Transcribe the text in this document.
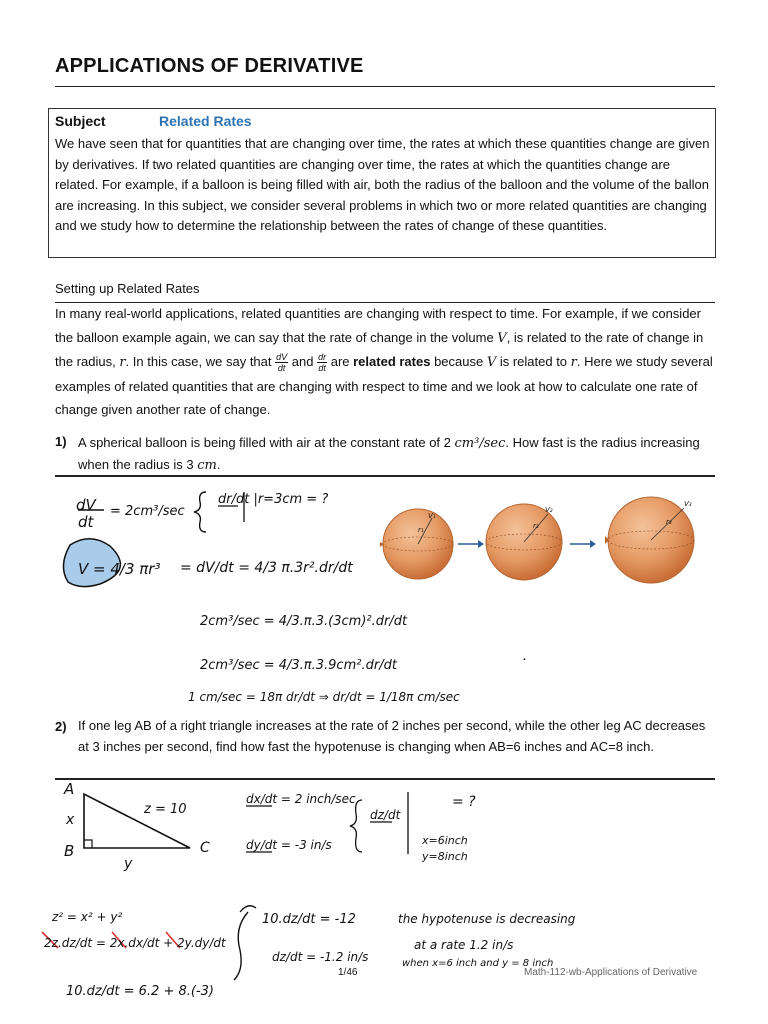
APPLICATIONS OF DERIVATIVE
Subject	Related Rates
We have seen that for quantities that are changing over time, the rates at which these quantities change are given by derivatives. If two related quantities are changing over time, the rates at which the quantities change are related. For example, if a balloon is being filled with air, both the radius of the balloon and the volume of the ballon are increasing. In this subject, we consider several problems in which two or more related quantities are changing and we study how to determine the relationship between the rates of change of these quantities.
Setting up Related Rates
In many real-world applications, related quantities are changing with respect to time. For example, if we consider the balloon example again, we can say that the rate of change in the volume V, is related to the rate of change in the radius, r. In this case, we say that $\frac{dV}{dt}$ and $\frac{dr}{dt}$ are related rates because V is related to r. Here we study several examples of related quantities that are changing with respect to time and we look at how to calculate one rate of change given another rate of change.
1) A spherical balloon is being filled with air at the constant rate of 2 cm³/sec. How fast is the radius increasing when the radius is 3 cm.
dV
dt
= 2cm³/sec
dr/dt |r=3cm = ?
V = 4/3 πr³ = dV/dt = 4/3 π.3r².dr/dt
2cm³/sec = 4/3.π.3.(3cm)².dr/dt
2cm³/sec = 4/3.π.3.9cm².dr/dt
1 cm/sec = 18π dr/dt ⇒ dr/dt = 1/18π cm/sec
·
V₁
V₂
V₃
r₁	r₂	r₃
2) If one leg AB of a right triangle increases at the rate of 2 inches per second, while the other leg AC decreases at 3 inches per second, find how fast the hypotenuse is changing when AB=6 inches and AC=8 inch.
A
x
B	C
y
z = 10
dx/dt = 2 inch/sec
dy/dt = -3 in/s
dz/dt
= ?
x=6inch
y=8inch
z² = x² + y²
2z.dz/dt = 2x.dx/dt + 2y.dy/dt
10.dz/dt = 6.2 + 8.(-3)
10.dz/dt = -12
dz/dt = -1.2 in/s
the hypotenuse is decreasing
at a rate 1.2 in/s
when x=6 inch and y = 8 inch
1/46	Math-112-wb-Applications of Derivative
